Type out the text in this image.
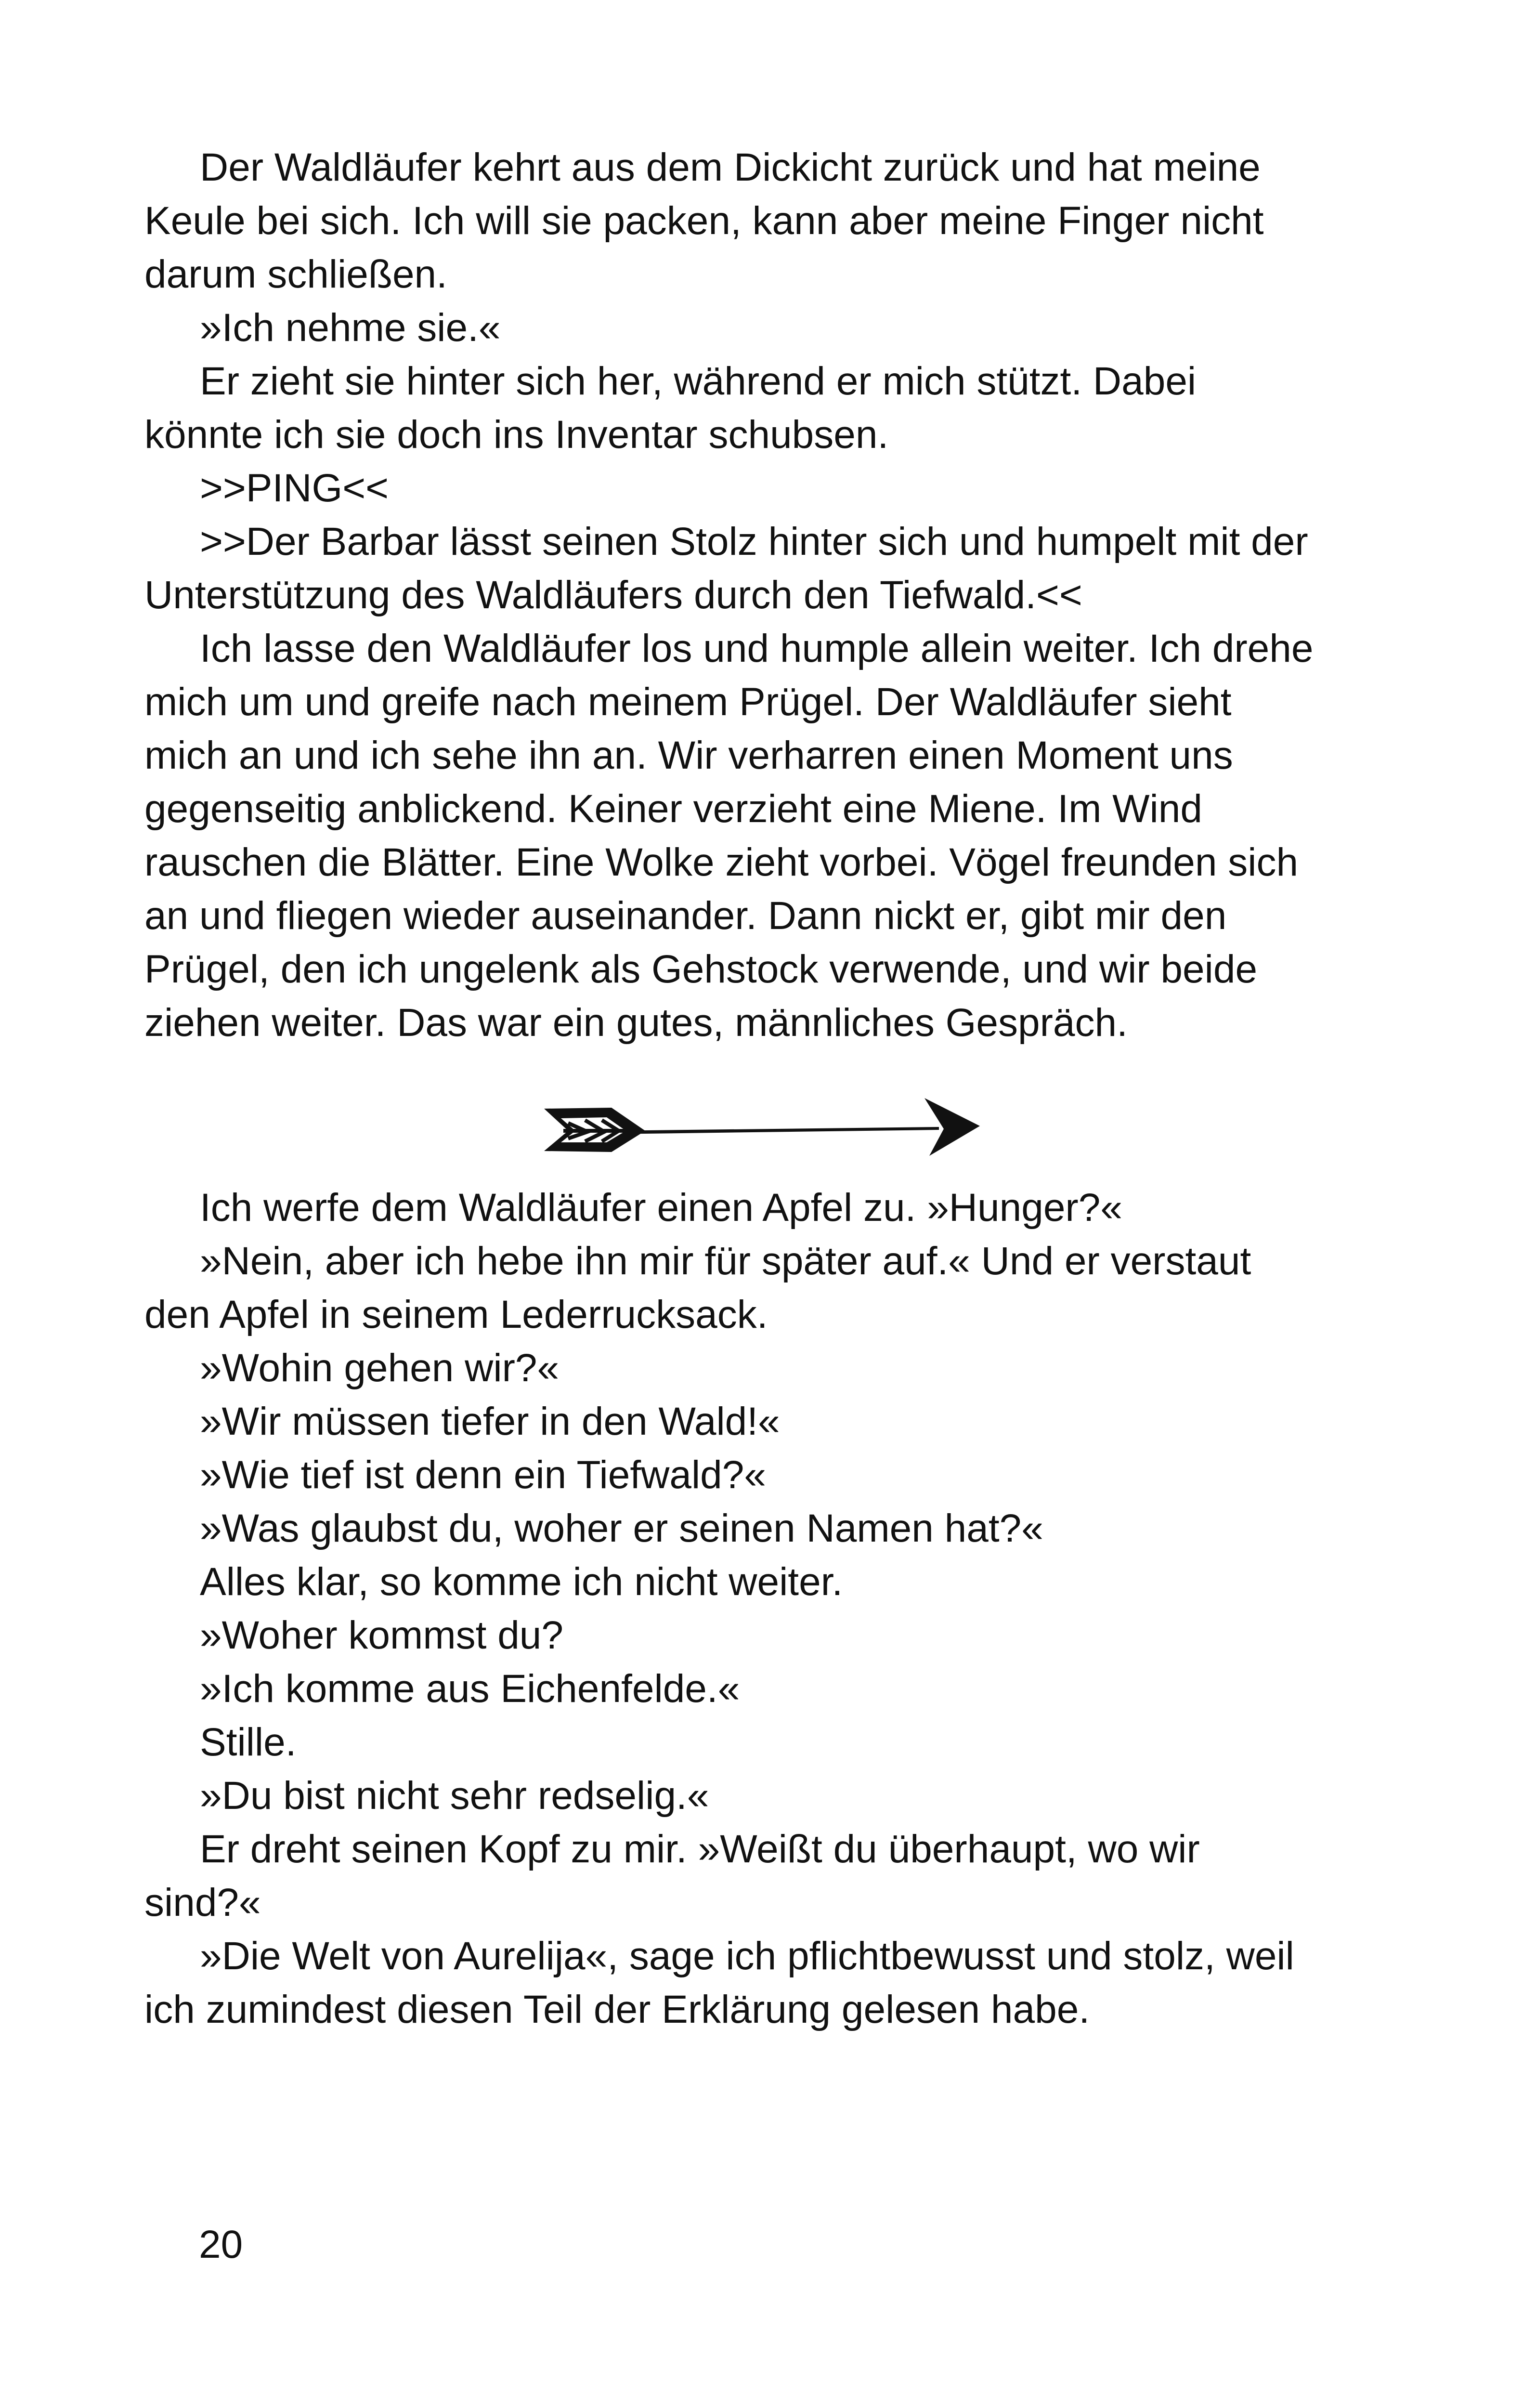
Der Waldläufer kehrt aus dem Dickicht zurück und hat meine Keule bei sich. Ich will sie packen, kann aber meine Finger nicht darum schließen.

»Ich nehme sie.«

Er zieht sie hinter sich her, während er mich stützt. Dabei könnte ich sie doch ins Inventar schubsen.

>>PING<<

>>Der Barbar lässt seinen Stolz hinter sich und humpelt mit der Unterstützung des Waldläufers durch den Tiefwald.<<

Ich lasse den Waldläufer los und humple allein weiter. Ich drehe mich um und greife nach meinem Prügel. Der Waldläufer sieht mich an und ich sehe ihn an. Wir verharren einen Moment uns gegenseitig anblickend. Keiner verzieht eine Miene. Im Wind rauschen die Blätter. Eine Wolke zieht vorbei. Vögel freunden sich an und fliegen wieder auseinander. Dann nickt er, gibt mir den Prügel, den ich ungelenk als Gehstock verwende, und wir beide ziehen weiter. Das war ein gutes, männliches Gespräch.

Ich werfe dem Waldläufer einen Apfel zu. »Hunger?«

»Nein, aber ich hebe ihn mir für später auf.« Und er verstaut den Apfel in seinem Lederrucksack.

»Wohin gehen wir?«

»Wir müssen tiefer in den Wald!«

»Wie tief ist denn ein Tiefwald?«

»Was glaubst du, woher er seinen Namen hat?«

Alles klar, so komme ich nicht weiter.

»Woher kommst du?

»Ich komme aus Eichenfelde.«

Stille.

»Du bist nicht sehr redselig.«

Er dreht seinen Kopf zu mir. »Weißt du überhaupt, wo wir sind?«

»Die Welt von Aurelija«, sage ich pflichtbewusst und stolz, weil ich zumindest diesen Teil der Erklärung gelesen habe.

20
